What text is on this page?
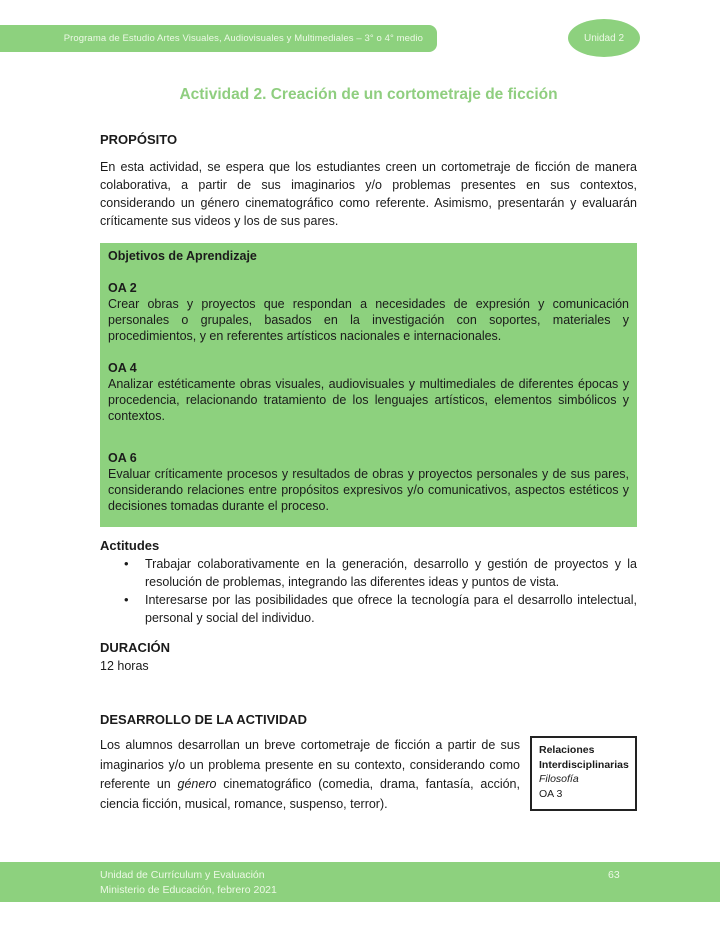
Programa de Estudio Artes Visuales, Audiovisuales y Multimediales – 3° o 4° medio	Unidad 2
Actividad 2. Creación de un cortometraje de ficción
PROPÓSITO

En esta actividad, se espera que los estudiantes creen un cortometraje de ficción de manera colaborativa, a partir de sus imaginarios y/o problemas presentes en sus contextos, considerando un género cinematográfico como referente. Asimismo, presentarán y evaluarán críticamente sus videos y los de sus pares.

Objetivos de Aprendizaje

OA 2

Crear obras y proyectos que respondan a necesidades de expresión y comunicación personales o grupales, basados en la investigación con soportes, materiales y procedimientos, y en referentes artísticos nacionales e internacionales.

OA 4

Analizar estéticamente obras visuales, audiovisuales y multimediales de diferentes épocas y procedencia, relacionando tratamiento de los lenguajes artísticos, elementos simbólicos y contextos.

OA 6

Evaluar críticamente procesos y resultados de obras y proyectos personales y de sus pares, considerando relaciones entre propósitos expresivos y/o comunicativos, aspectos estéticos y decisiones tomadas durante el proceso.

Actitudes
• Trabajar colaborativamente en la generación, desarrollo y gestión de proyectos y la resolución de problemas, integrando las diferentes ideas y puntos de vista.
• Interesarse por las posibilidades que ofrece la tecnología para el desarrollo intelectual, personal y social del individuo.
DURACIÓN

12 horas

DESARROLLO DE LA ACTIVIDAD

Los alumnos desarrollan un breve cortometraje de ficción a partir de sus imaginarios y/o un problema presente en su contexto, considerando como referente un género cinematográfico (comedia, drama, fantasía, acción, ciencia ficción, musical, romance, suspenso, terror).

Relaciones

Interdisciplinarias

Filosofía

OA 3

Unidad de Currículum y Evaluación

Ministerio de Educación, febrero 2021

63
